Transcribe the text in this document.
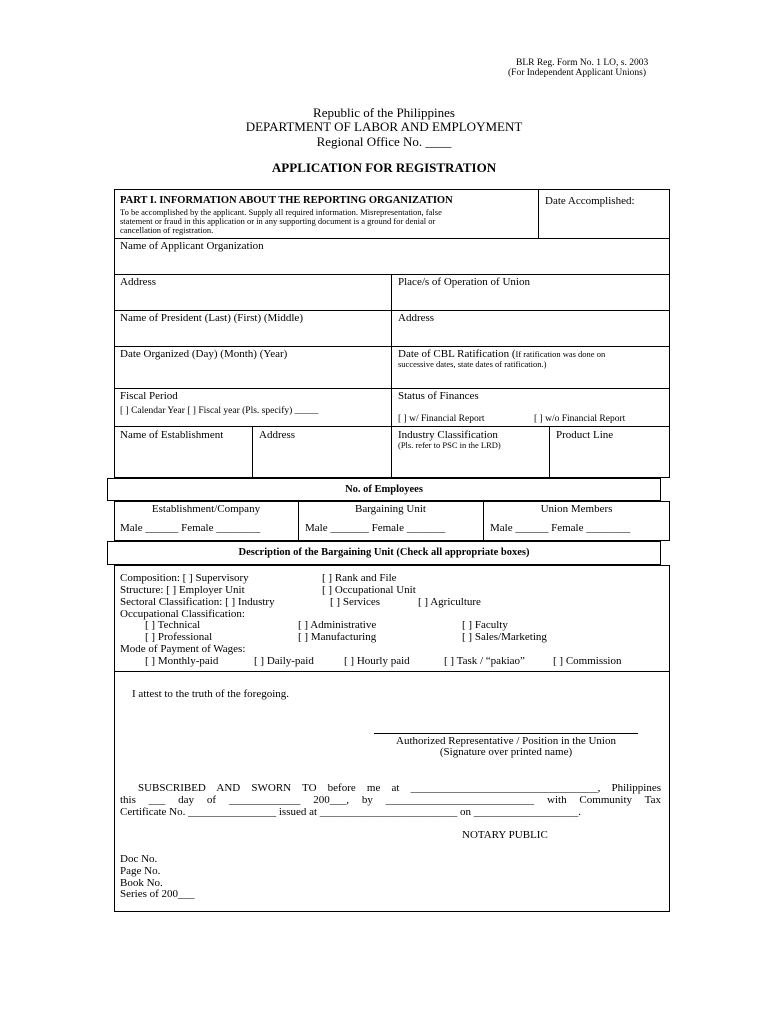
BLR Reg. Form No. 1 LO, s. 2003
(For Independent Applicant Unions)
Republic of the Philippines
DEPARTMENT OF LABOR AND EMPLOYMENT
Regional Office No. ____
APPLICATION FOR REGISTRATION
PART I. INFORMATION ABOUT THE REPORTING ORGANIZATION
To be accomplished by the applicant. Supply all required information. Misrepresentation, false
statement or fraud in this application or in any supporting document is a ground for denial or
cancellation of registration.
Date Accomplished:
Name of Applicant Organization
Address	Place/s of Operation of Union
Name of President (Last) (First) (Middle)	Address
Date Organized (Day) (Month) (Year)	Date of CBL Ratification (If ratification was done on
successive dates, state dates of ratification.)
Fiscal Period
[ ] Calendar Year [ ] Fiscal year (Pls. specify) _____
Status of Finances
[ ] w/ Financial Report	[ ] w/o Financial Report
Name of Establishment	Address	Industry Classification
(Pls. refer to PSC in the LRD)
Product Line
No. of Employees
Establishment/Company	Bargaining Unit	Union Members
Male ______ Female ________	Male _______ Female _______	Male ______ Female ________
Description of the Bargaining Unit (Check all appropriate boxes)
Composition: [ ] Supervisory	[ ] Rank and File
Structure: [ ] Employer Unit	[ ] Occupational Unit
Sectoral Classification: [ ] Industry	[ ] Services	[ ] Agriculture
Occupational Classification:
[ ] Technical	[ ] Administrative	[ ] Faculty
[ ] Professional	[ ] Manufacturing	[ ] Sales/Marketing
Mode of Payment of Wages:
[ ] Monthly-paid	[ ] Daily-paid	[ ] Hourly paid	[ ] Task / “pakiao”	[ ] Commission
I attest to the truth of the foregoing.
Authorized Representative / Position in the Union
(Signature over printed name)
SUBSCRIBED AND SWORN TO before me at __________________________________, Philippines
this ___ day of _____________ 200___, by ___________________________ with Community Tax
Certificate No. ________________ issued at _________________________ on ___________________.
NOTARY PUBLIC
Doc No.
Page No.
Book No.
Series of 200___
